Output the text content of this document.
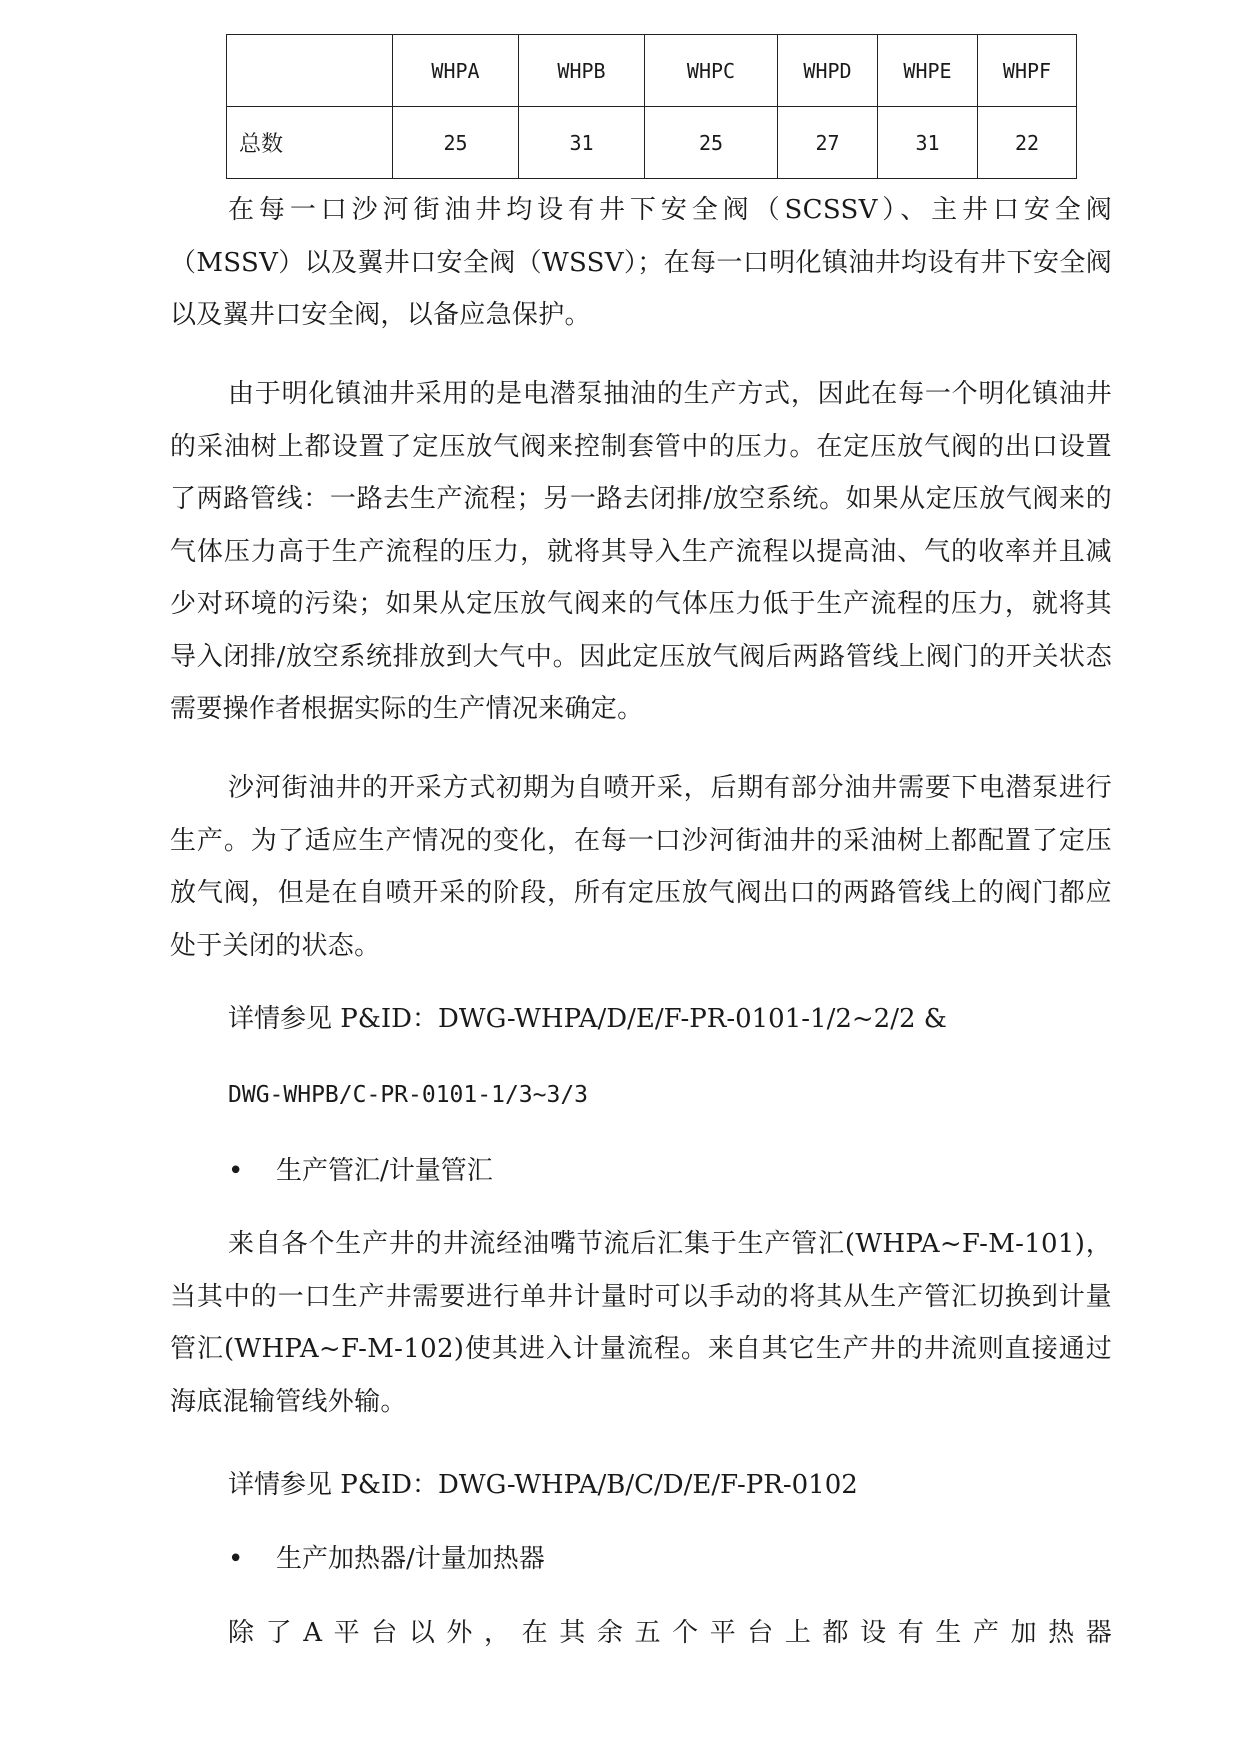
	WHPA	WHPB	WHPC	WHPD	WHPE	WHPF
总数	25	31	25	27	31	22

在每一口沙河街油井均设有井下安全阀（SCSSV）、主井口安全阀（MSSV）以及翼井口安全阀（WSSV）；在每一口明化镇油井均设有井下安全阀以及翼井口安全阀，以备应急保护。

由于明化镇油井采用的是电潜泵抽油的生产方式，因此在每一个明化镇油井的采油树上都设置了定压放气阀来控制套管中的压力。在定压放气阀的出口设置了两路管线：一路去生产流程；另一路去闭排/放空系统。如果从定压放气阀来的气体压力高于生产流程的压力，就将其导入生产流程以提高油、气的收率并且减少对环境的污染；如果从定压放气阀来的气体压力低于生产流程的压力，就将其导入闭排/放空系统排放到大气中。因此定压放气阀后两路管线上阀门的开关状态需要操作者根据实际的生产情况来确定。

沙河街油井的开采方式初期为自喷开采，后期有部分油井需要下电潜泵进行生产。为了适应生产情况的变化，在每一口沙河街油井的采油树上都配置了定压放气阀，但是在自喷开采的阶段，所有定压放气阀出口的两路管线上的阀门都应处于关闭的状态。

详情参见 P&ID：DWG-WHPA/D/E/F-PR-0101-1/2~2/2 &
DWG-WHPB/C-PR-0101-1/3~3/3
• 生产管汇/计量管汇

来自各个生产井的井流经油嘴节流后汇集于生产管汇(WHPA~F-M-101)，当其中的一口生产井需要进行单井计量时可以手动的将其从生产管汇切换到计量管汇(WHPA~F-M-102)使其进入计量流程。来自其它生产井的井流则直接通过海底混输管线外输。

详情参见 P&ID：DWG-WHPA/B/C/D/E/F-PR-0102
• 生产加热器/计量加热器
除 了 A 平 台 以 外 ， 在 其 余 五 个 平 台 上 都 设 有 生 产 加 热 器
